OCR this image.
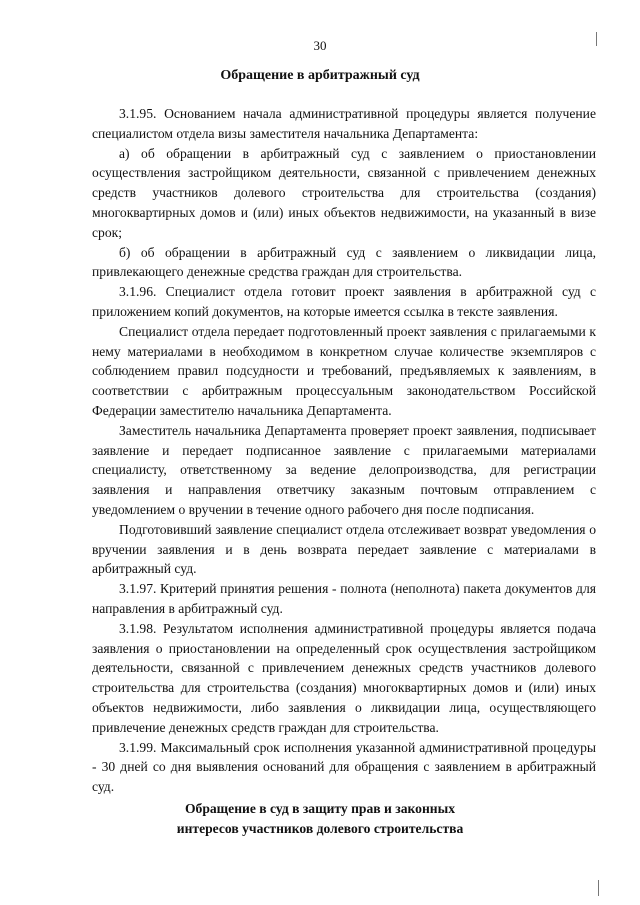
30
Обращение в арбитражный суд

3.1.95. Основанием начала административной процедуры является получение специалистом отдела визы заместителя начальника Департамента:

а) об обращении в арбитражный суд с заявлением о приостановлении осуществления застройщиком деятельности, связанной с привлечением денежных средств участников долевого строительства для строительства (создания) многоквартирных домов и (или) иных объектов недвижимости, на указанный в визе срок;

б) об обращении в арбитражный суд с заявлением о ликвидации лица, привлекающего денежные средства граждан для строительства.

3.1.96. Специалист отдела готовит проект заявления в арбитражной суд с приложением копий документов, на которые имеется ссылка в тексте заявления.

Специалист отдела передает подготовленный проект заявления с прилагаемыми к нему материалами в необходимом в конкретном случае количестве экземпляров с соблюдением правил подсудности и требований, предъявляемых к заявлениям, в соответствии с арбитражным процессуальным законодательством Российской Федерации заместителю начальника Департамента.

Заместитель начальника Департамента проверяет проект заявления, подписывает заявление и передает подписанное заявление с прилагаемыми материалами специалисту, ответственному за ведение делопроизводства, для регистрации заявления и направления ответчику заказным почтовым отправлением с уведомлением о вручении в течение одного рабочего дня после подписания.

Подготовивший заявление специалист отдела отслеживает возврат уведомления о вручении заявления и в день возврата передает заявление с материалами в арбитражный суд.

3.1.97. Критерий принятия решения - полнота (неполнота) пакета документов для направления в арбитражный суд.

3.1.98. Результатом исполнения административной процедуры является подача заявления о приостановлении на определенный срок осуществления застройщиком деятельности, связанной с привлечением денежных средств участников долевого строительства для строительства (создания) многоквартирных домов и (или) иных объектов недвижимости, либо заявления о ликвидации лица, осуществляющего привлечение денежных средств граждан для строительства.

3.1.99. Максимальный срок исполнения указанной административной процедуры - 30 дней со дня выявления оснований для обращения с заявлением в арбитражный суд.

Обращение в суд в защиту прав и законных
интересов участников долевого строительства
